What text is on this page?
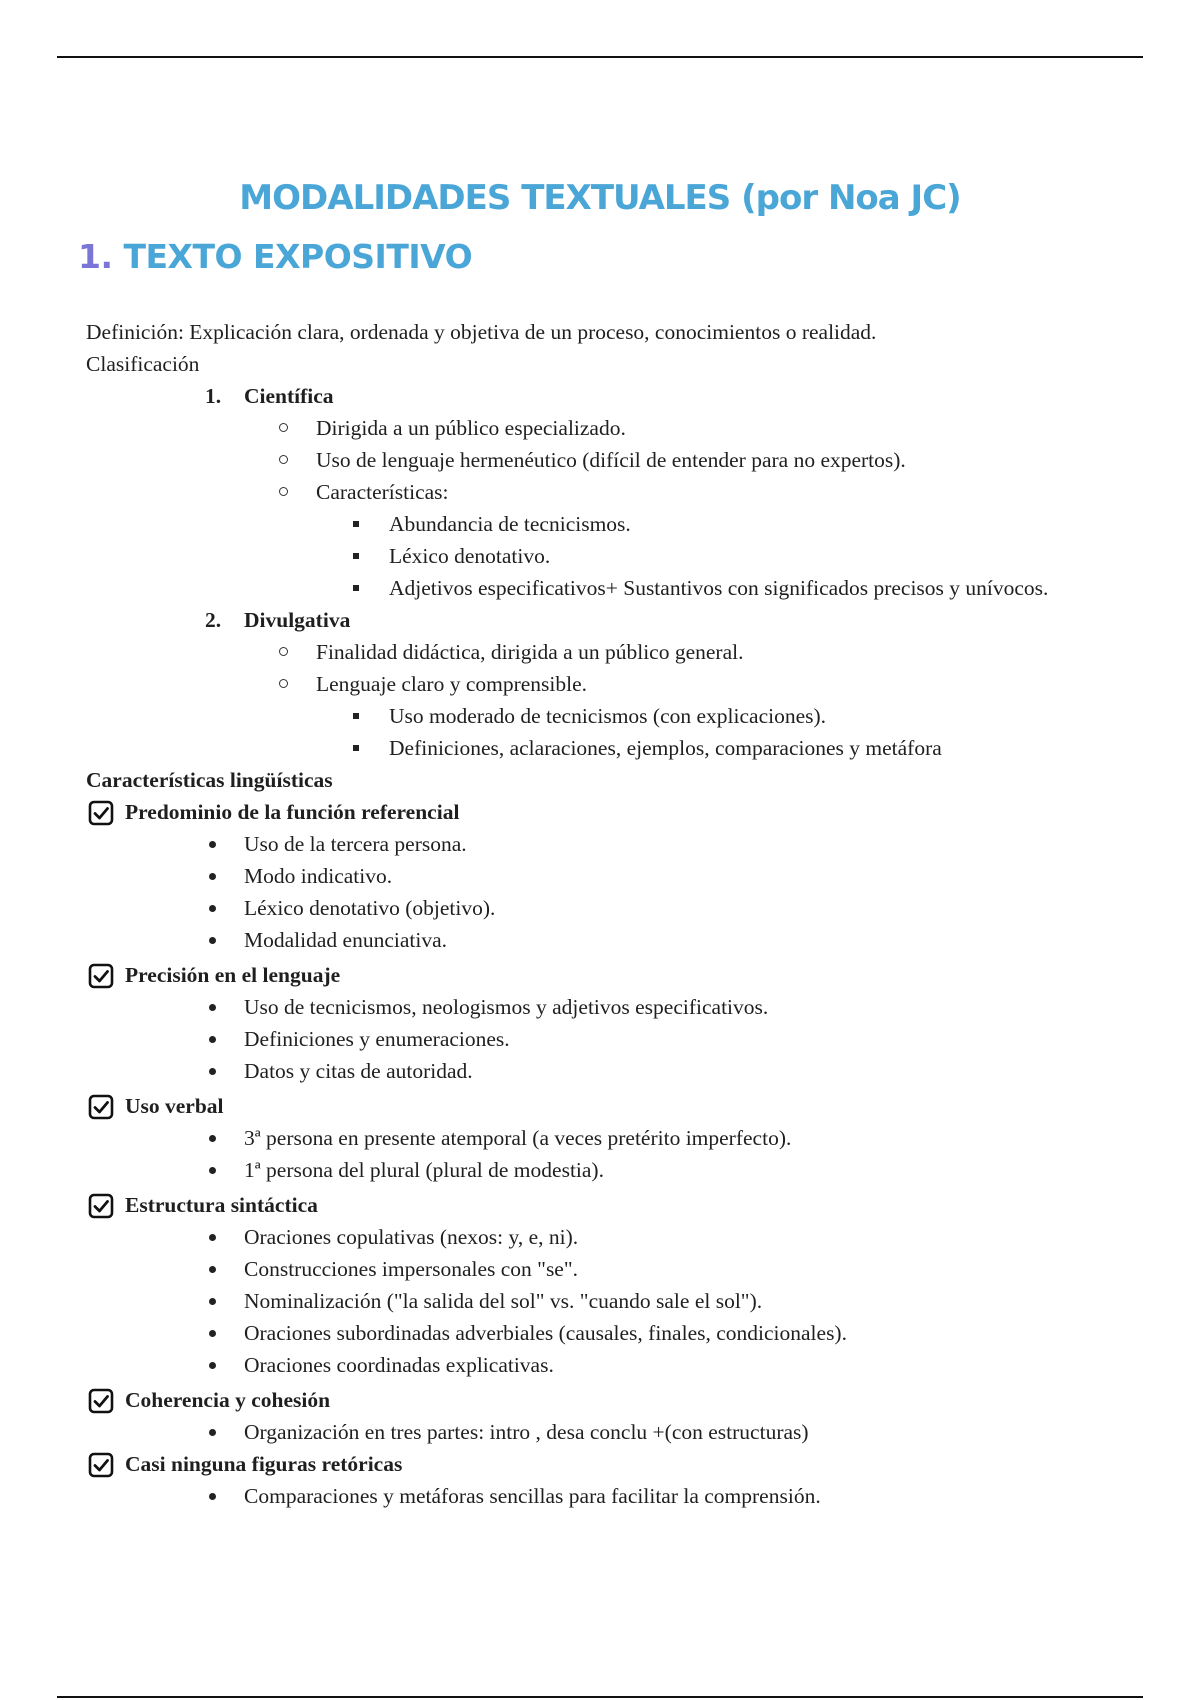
MODALIDADES TEXTUALES (por Noa JC)
1. TEXTO EXPOSITIVO
Definición: Explicación clara, ordenada y objetiva de un proceso, conocimientos o realidad.
Clasificación
1. Científica
Dirigida a un público especializado.
Uso de lenguaje hermenéutico (difícil de entender para no expertos).
Características:
Abundancia de tecnicismos.
Léxico denotativo.
Adjetivos especificativos+ Sustantivos con significados precisos y unívocos.
2. Divulgativa
Finalidad didáctica, dirigida a un público general.
Lenguaje claro y comprensible.
Uso moderado de tecnicismos (con explicaciones).
Definiciones, aclaraciones, ejemplos, comparaciones y metáfora
Características lingüísticas
Predominio de la función referencial
Uso de la tercera persona.
Modo indicativo.
Léxico denotativo (objetivo).
Modalidad enunciativa.
Precisión en el lenguaje
Uso de tecnicismos, neologismos y adjetivos especificativos.
Definiciones y enumeraciones.
Datos y citas de autoridad.
Uso verbal
3ª persona en presente atemporal (a veces pretérito imperfecto).
1ª persona del plural (plural de modestia).
Estructura sintáctica
Oraciones copulativas (nexos: y, e, ni).
Construcciones impersonales con "se".
Nominalización ("la salida del sol" vs. "cuando sale el sol").
Oraciones subordinadas adverbiales (causales, finales, condicionales).
Oraciones coordinadas explicativas.
Coherencia y cohesión
Organización en tres partes: intro , desa conclu +(con estructuras)
Casi ninguna figuras retóricas
Comparaciones y metáforas sencillas para facilitar la comprensión.
